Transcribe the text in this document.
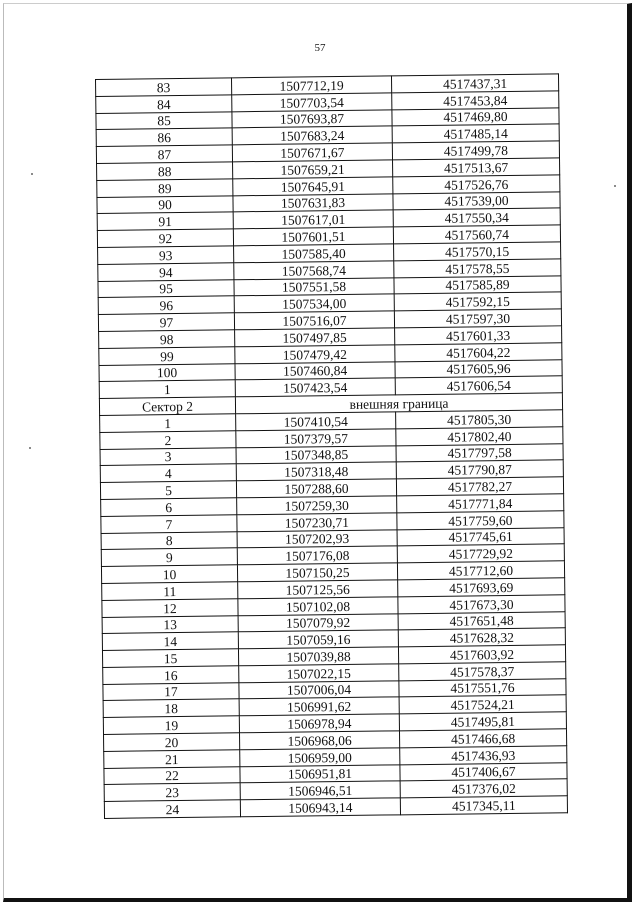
57
83	1507712,19	4517437,31
84	1507703,54	4517453,84
85	1507693,87	4517469,80
86	1507683,24	4517485,14
87	1507671,67	4517499,78
88	1507659,21	4517513,67
89	1507645,91	4517526,76
90	1507631,83	4517539,00
91	1507617,01	4517550,34
92	1507601,51	4517560,74
93	1507585,40	4517570,15
94	1507568,74	4517578,55
95	1507551,58	4517585,89
96	1507534,00	4517592,15
97	1507516,07	4517597,30
98	1507497,85	4517601,33
99	1507479,42	4517604,22
100	1507460,84	4517605,96
1	1507423,54	4517606,54
Сектор 2	внешняя граница	
1	1507410,54	4517805,30
2	1507379,57	4517802,40
3	1507348,85	4517797,58
4	1507318,48	4517790,87
5	1507288,60	4517782,27
6	1507259,30	4517771,84
7	1507230,71	4517759,60
8	1507202,93	4517745,61
9	1507176,08	4517729,92
10	1507150,25	4517712,60
11	1507125,56	4517693,69
12	1507102,08	4517673,30
13	1507079,92	4517651,48
14	1507059,16	4517628,32
15	1507039,88	4517603,92
16	1507022,15	4517578,37
17	1507006,04	4517551,76
18	1506991,62	4517524,21
19	1506978,94	4517495,81
20	1506968,06	4517466,68
21	1506959,00	4517436,93
22	1506951,81	4517406,67
23	1506946,51	4517376,02
24	1506943,14	4517345,11
